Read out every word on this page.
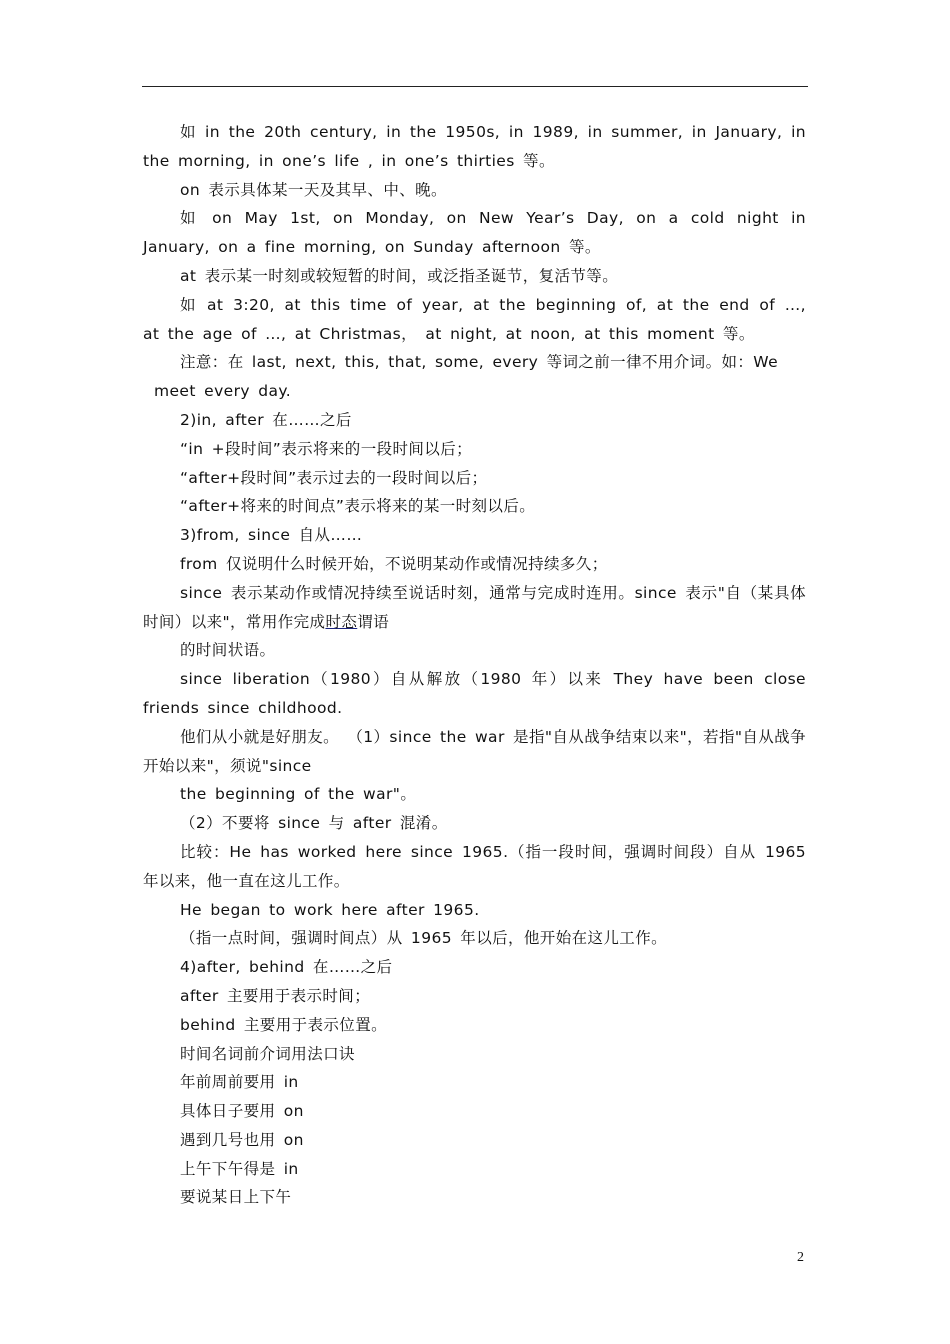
如 in the 20th century, in the 1950s, in 1989, in summer, in January, in the morning, in one’s life , in one’s thirties 等。

on 表示具体某一天及其早、中、晚。

如 on May 1st, on Monday, on New Year’s Day, on a cold night in January, on a fine morning, on Sunday afternoon 等。

at 表示某一时刻或较短暂的时间，或泛指圣诞节，复活节等。

如 at 3:20, at this time of year, at the beginning of, at the end of …, at the age of …, at Christmas， at night, at noon, at this moment 等。

注意：在 last, next, this, that, some, every 等词之前一律不用介词。如：We

meet every day.

2)in, after 在……之后

“in +段时间”表示将来的一段时间以后；

“after+段时间”表示过去的一段时间以后；

“after+将来的时间点”表示将来的某一时刻以后。

3)from, since 自从……

from 仅说明什么时候开始，不说明某动作或情况持续多久；

since 表示某动作或情况持续至说话时刻，通常与完成时连用。since 表示"自（某具体时间）以来"，常用作完成时态谓语

的时间状语。

since liberation（1980）自从解放（1980 年）以来 They have been close friends since childhood.

他们从小就是好朋友。 （1）since the war 是指"自从战争结束以来"，若指"自从战争开始以来"，须说"since

the beginning of the war"。

（2）不要将 since 与 after 混淆。

比较：He has worked here since 1965.（指一段时间，强调时间段）自从 1965 年以来，他一直在这儿工作。

He began to work here after 1965.

（指一点时间，强调时间点）从 1965 年以后，他开始在这儿工作。

4)after, behind 在……之后

after 主要用于表示时间；

behind 主要用于表示位置。

时间名词前介词用法口诀

年前周前要用 in

具体日子要用 on

遇到几号也用 on

上午下午得是 in

要说某日上下午

2
